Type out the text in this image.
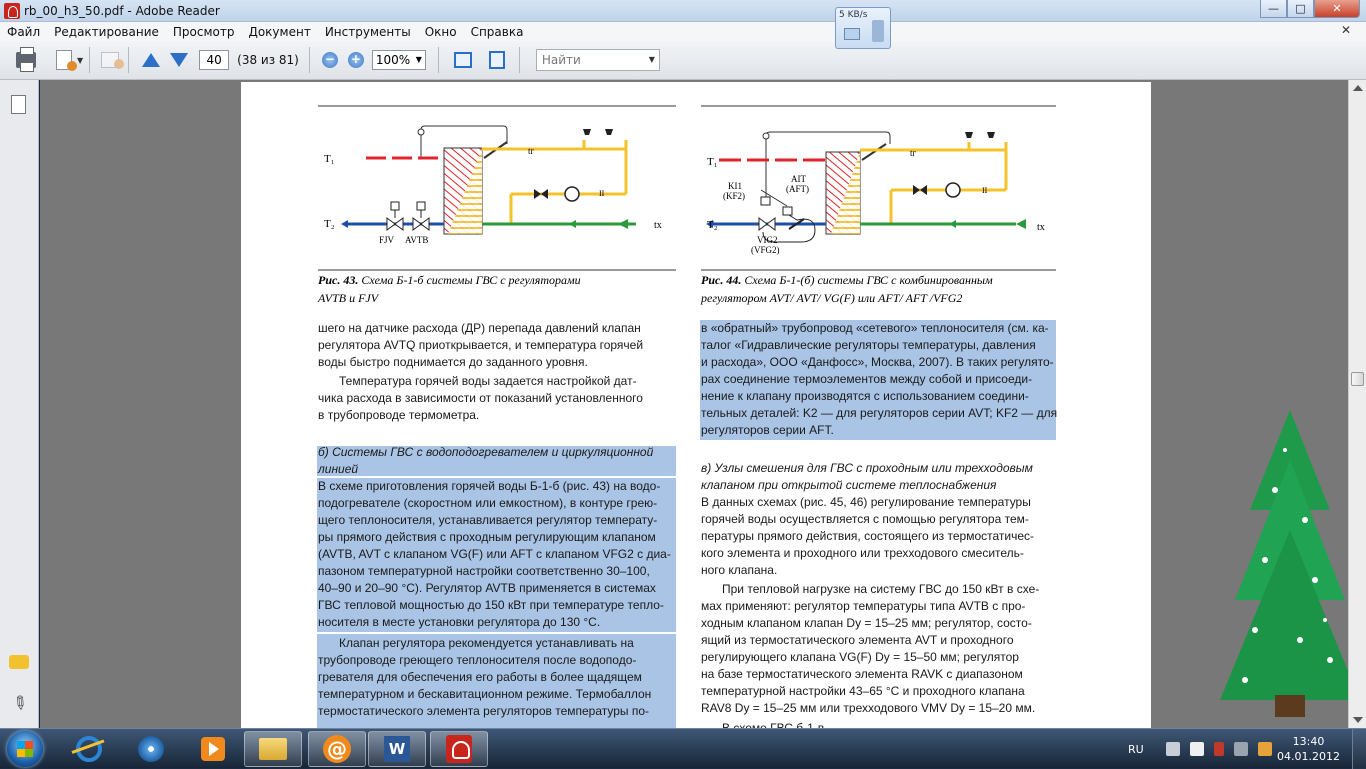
rb_00_h3_50.pdf - Adobe Reader	5 KB/s	—	□	✕
Файл	Редактирование	Просмотр	Документ	Инструменты	Окно	Справка	✕
▼	40	(38 из 81) − +	100% ▼	Найти	▼
✎
T₁
T₂
tг
tх
II
FJV AVTB
T₁
T₂
tг
tх
II
AIT
(AFT)
KI1
(KF2)
VIG2
(VFG2)
Рис. 43. Схема Б-1-б системы ГВС с регуляторами
AVTB и FJV
Рис. 44. Схема Б-1-(б) системы ГВС с комбинированным
регулятором AVT/ AVT/ VG(F) или AFT/ AFT /VFG2
шего на датчике расхода (ДР) перепада давлений клапан
регулятора AVTQ приоткрывается, и температура горячей
воды быстро поднимается до заданного уровня.
Температура горячей воды задается настройкой дат-
чика расхода в зависимости от показаний установленного
в трубопроводе термометра.
б) Системы ГВС с водоподогревателем и циркуляционной
линией
В схеме приготовления горячей воды Б-1-б (рис. 43) на водо-
подогревателе (скоростном или емкостном), в контуре грею-
щего теплоносителя, устанавливается регулятор температу-
ры прямого действия с проходным регулирующим клапаном
(AVTB, AVT с клапаном VG(F) или AFT с клапаном VFG2 с диа-
пазоном температурной настройки соответственно 30–100,
40–90 и 20–90 °С). Регулятор AVTB применяется в системах
ГВС тепловой мощностью до 150 кВт при температуре тепло-
носителя в месте установки регулятора до 130 °С.
Клапан регулятора рекомендуется устанавливать на
трубопроводе греющего теплоносителя после водоподо-
гревателя для обеспечения его работы в более щадящем
температурном и бескавитационном режиме. Термобаллон
термостатического элемента регуляторов температуры по-
в «обратный» трубопровод «сетевого» теплоносителя (см. ка-
талог «Гидравлические регуляторы температуры, давления
и расхода», ООО «Данфосс», Москва, 2007). В таких регулято-
рах соединение термоэлементов между собой и присоеди-
нение к клапану производятся с использованием соедини-
тельных деталей: K2 — для регуляторов серии AVT; KF2 — для
регуляторов серии AFT.
в) Узлы смешения для ГВС с проходным или трехходовым
клапаном при открытой системе теплоснабжения
В данных схемах (рис. 45, 46) регулирование температуры
горячей воды осуществляется с помощью регулятора тем-
пературы прямого действия, состоящего из термостатичес-
кого элемента и проходного или трехходового смеситель-
ного клапана.
При тепловой нагрузке на систему ГВС до 150 кВт в схе-
мах применяют: регулятор температуры типа AVTB с про-
ходным клапаном клапан Dу = 15–25 мм; регулятор, состо-
ящий из термостатического элемента AVT и проходного
регулирующего клапана VG(F) Dу = 15–50 мм; регулятор
на базе термостатического элемента RAVK с диапазоном
температурной настройки 43–65 °С и проходного клапана
RAV8 Dу = 15–25 мм или трехходового VMV Dу = 15–20 мм.
@	W	RU
13:40
04.01.2012
